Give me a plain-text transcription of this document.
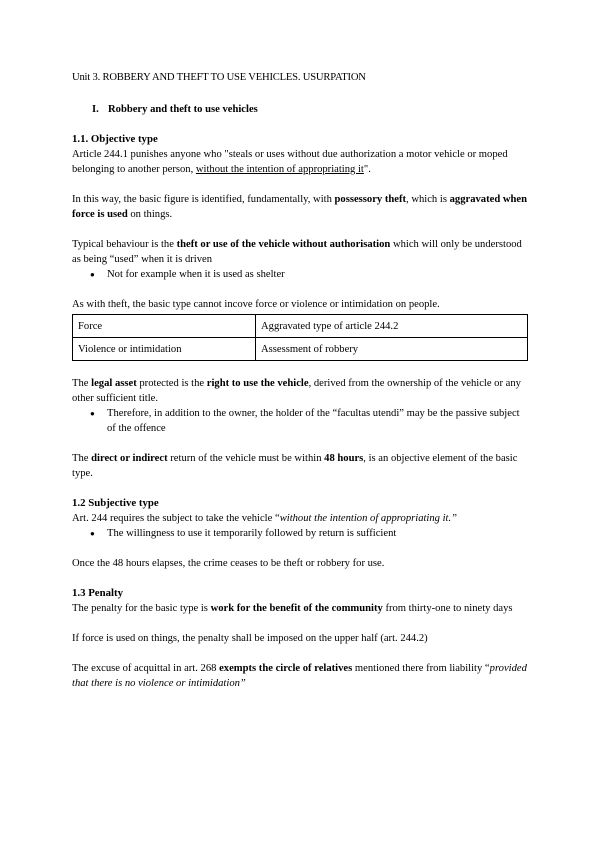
Unit 3. ROBBERY AND THEFT TO USE VEHICLES. USURPATION

I. Robbery and theft to use vehicles

1.1. Objective type

Article 244.1 punishes anyone who "steals or uses without due authorization a motor vehicle or moped belonging to another person, without the intention of appropriating it".

In this way, the basic figure is identified, fundamentally, with possessory theft, which is aggravated when force is used on things.

Typical behaviour is the theft or use of the vehicle without authorisation which will only be understood as being “used” when it is driven

● Not for example when it is used as shelter

As with theft, the basic type cannot incove force or violence or intimidation on people.

Force	Aggravated type of article 244.2
Violence or intimidation	Assessment of robbery

The legal asset protected is the right to use the vehicle, derived from the ownership of the vehicle or any other sufficient title.

● Therefore, in addition to the owner, the holder of the “facultas utendi” may be the passive subject of the offence

The direct or indirect return of the vehicle must be within 48 hours, is an objective element of the basic type.

1.2 Subjective type

Art. 244 requires the subject to take the vehicle “without the intention of appropriating it.”

● The willingness to use it temporarily followed by return is sufficient

Once the 48 hours elapses, the crime ceases to be theft or robbery for use.

1.3 Penalty

The penalty for the basic type is work for the benefit of the community from thirty-one to ninety days

If force is used on things, the penalty shall be imposed on the upper half (art. 244.2)

The excuse of acquittal in art. 268 exempts the circle of relatives mentioned there from liability “provided that there is no violence or intimidation”
